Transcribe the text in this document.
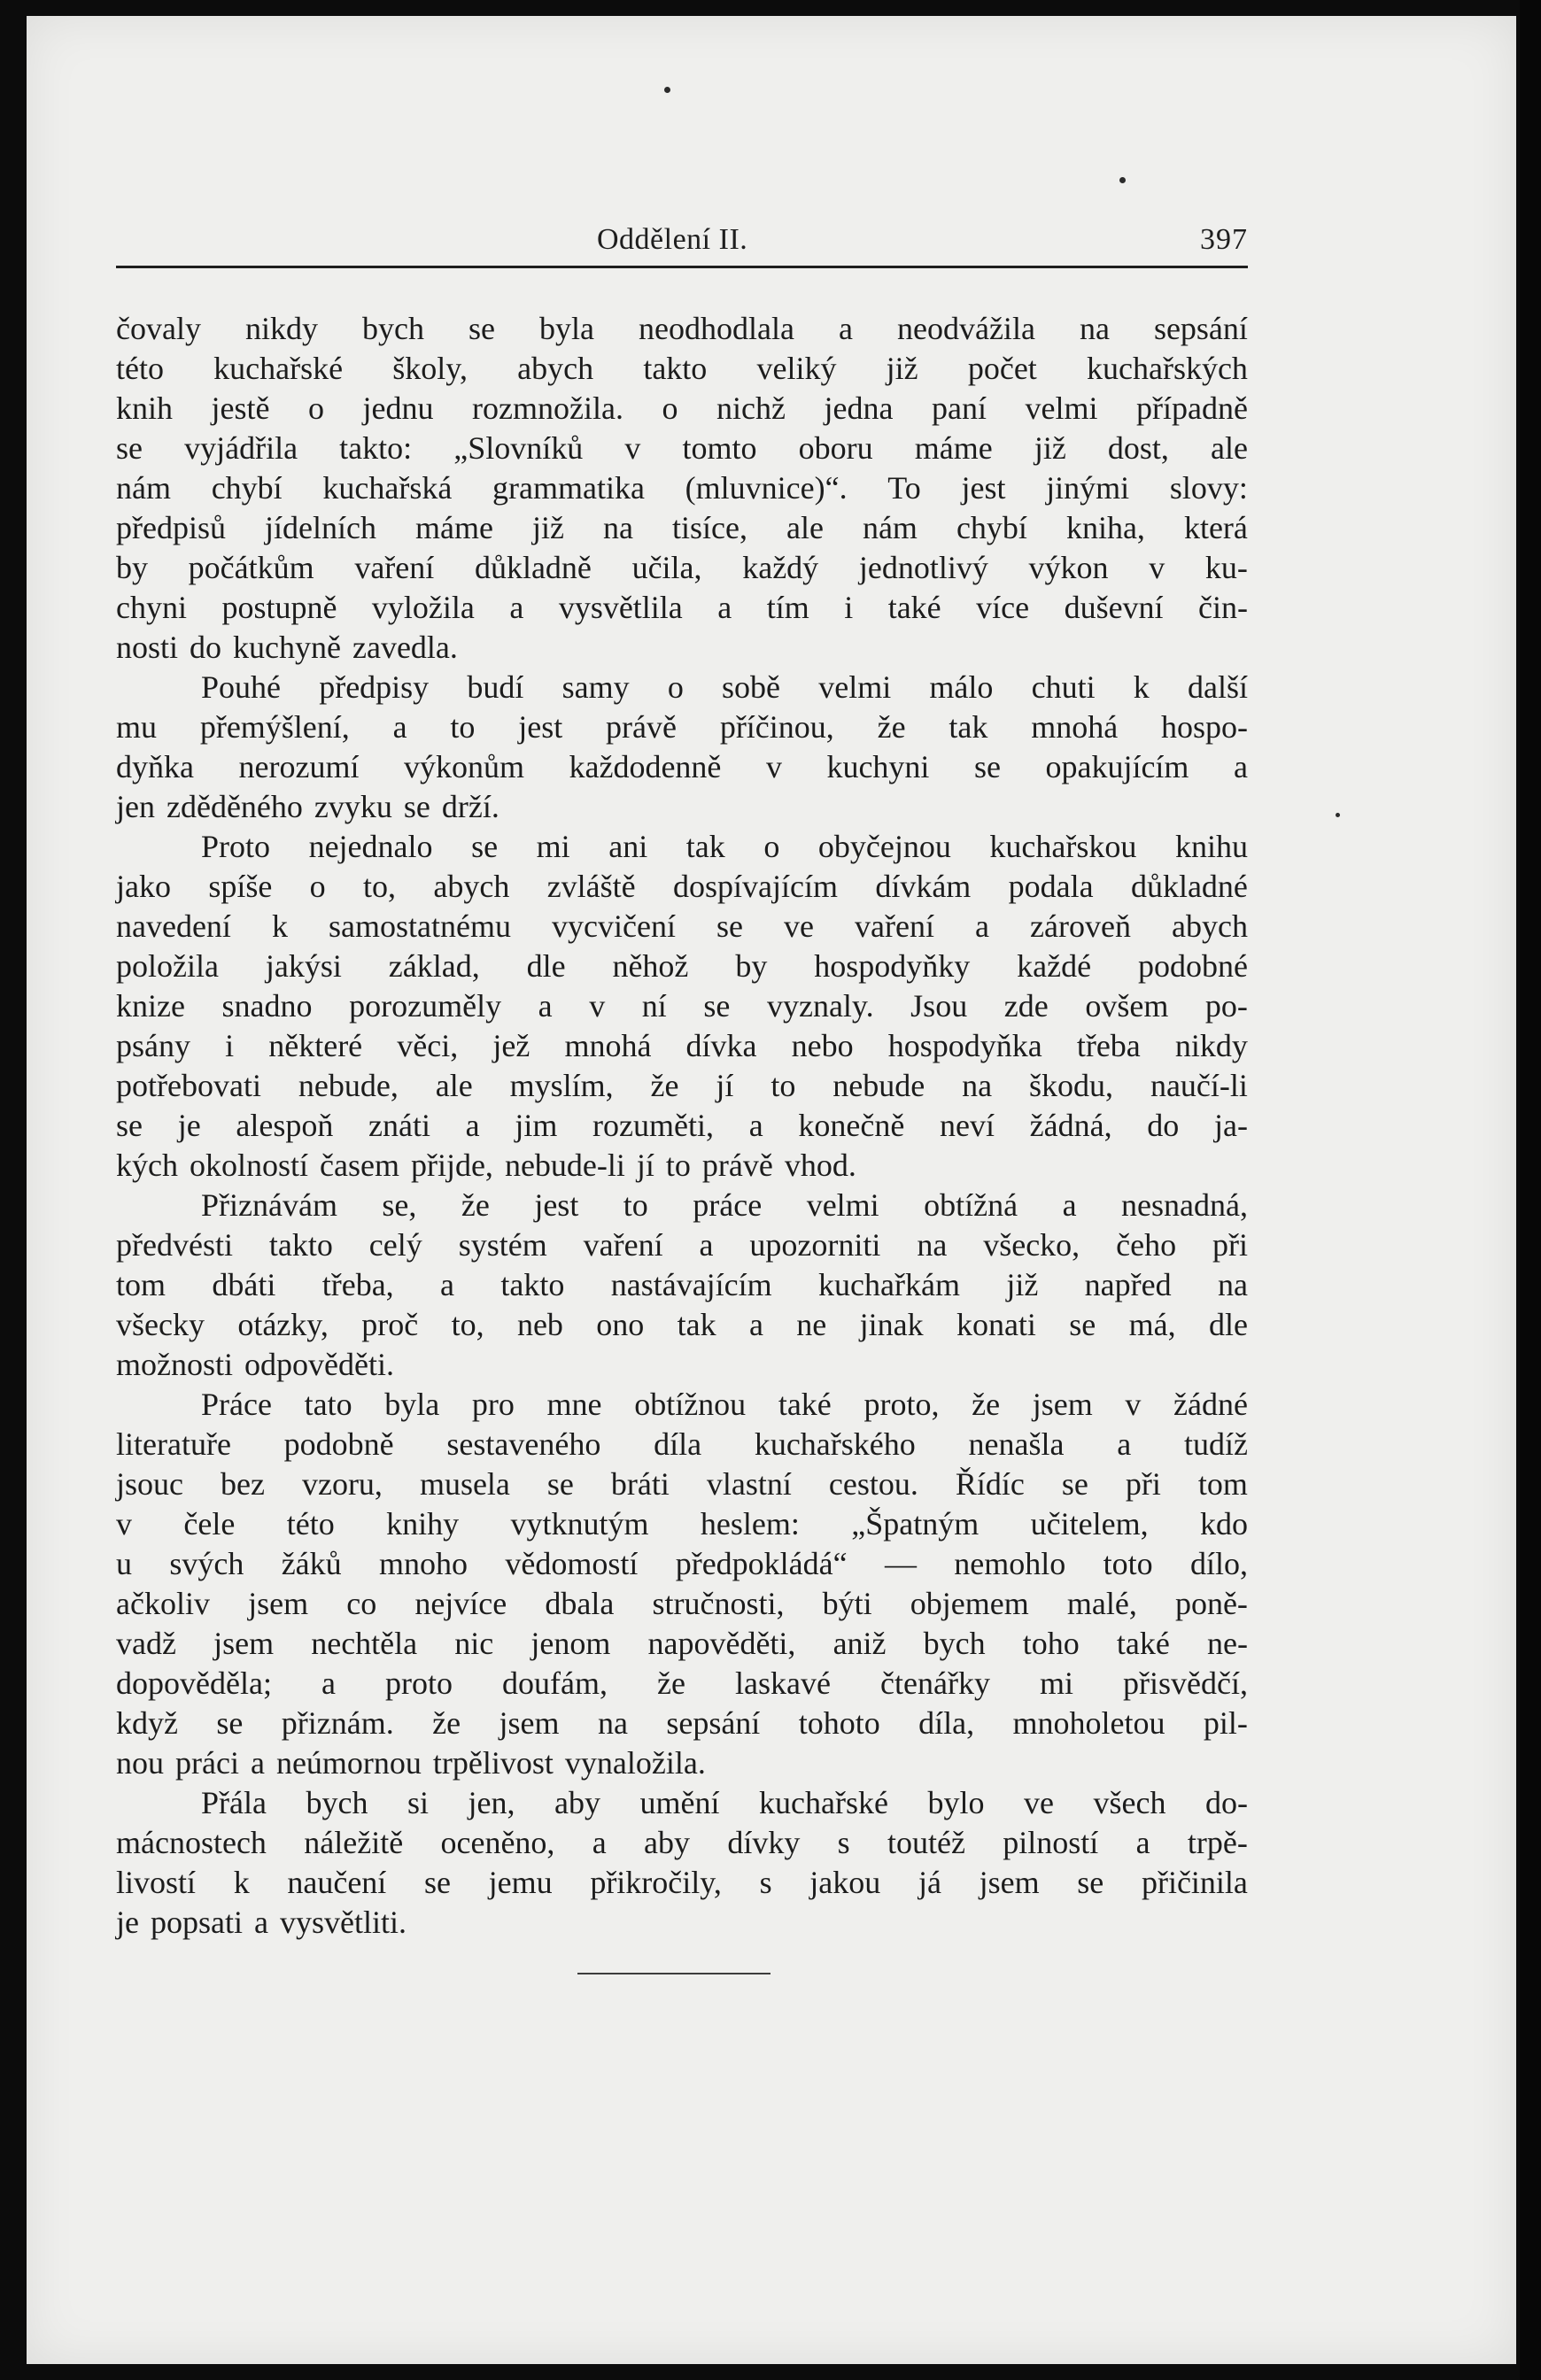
Oddělení II.	397
čovaly nikdy bych se byla neodhodlala a neodvážila na sepsání
této kuchařské školy, abych takto veliký již počet kuchařských
knih jestě o jednu rozmnožila. o nichž jedna paní velmi případně
se vyjádřila takto: „Slovníků v tomto oboru máme již dost, ale
nám chybí kuchařská grammatika (mluvnice)“. To jest jinými slovy:
předpisů jídelních máme již na tisíce, ale nám chybí kniha, která
by počátkům vaření důkladně učila, každý jednotlivý výkon v ku-
chyni postupně vyložila a vysvětlila a tím i také více duševní čin-
nosti do kuchyně zavedla.
Pouhé předpisy budí samy o sobě velmi málo chuti k další
mu přemýšlení, a to jest právě příčinou, že tak mnohá hospo-
dyňka nerozumí výkonům každodenně v kuchyni se opakujícím a
jen zděděného zvyku se drží.
Proto nejednalo se mi ani tak o obyčejnou kuchařskou knihu
jako spíše o to, abych zvláště dospívajícím dívkám podala důkladné
navedení k samostatnému vycvičení se ve vaření a zároveň abych
položila jakýsi základ, dle něhož by hospodyňky každé podobné
knize snadno porozuměly a v ní se vyznaly. Jsou zde ovšem po-
psány i některé věci, jež mnohá dívka nebo hospodyňka třeba nikdy
potřebovati nebude, ale myslím, že jí to nebude na škodu, naučí-li
se je alespoň znáti a jim rozuměti, a konečně neví žádná, do ja-
kých okolností časem přijde, nebude-li jí to právě vhod.
Přiznávám se, že jest to práce velmi obtížná a nesnadná,
předvésti takto celý systém vaření a upozorniti na všecko, čeho při
tom dbáti třeba, a takto nastávajícím kuchařkám již napřed na
všecky otázky, proč to, neb ono tak a ne jinak konati se má, dle
možnosti odpověděti.
Práce tato byla pro mne obtížnou také proto, že jsem v žádné
literatuře podobně sestaveného díla kuchařského nenašla a tudíž
jsouc bez vzoru, musela se bráti vlastní cestou. Řídíc se při tom
v čele této knihy vytknutým heslem: „Špatným učitelem, kdo
u svých žáků mnoho vědomostí předpokládá“ — nemohlo toto dílo,
ačkoliv jsem co nejvíce dbala stručnosti, býti objemem malé, poně-
vadž jsem nechtěla nic jenom napověděti, aniž bych toho také ne-
dopověděla; a proto doufám, že laskavé čtenářky mi přisvědčí,
když se přiznám. že jsem na sepsání tohoto díla, mnoholetou pil-
nou práci a neúmornou trpělivost vynaložila.
Přála bych si jen, aby umění kuchařské bylo ve všech do-
mácnostech náležitě oceněno, a aby dívky s toutéž pilností a trpě-
livostí k naučení se jemu přikročily, s jakou já jsem se přičinila
je popsati a vysvětliti.
